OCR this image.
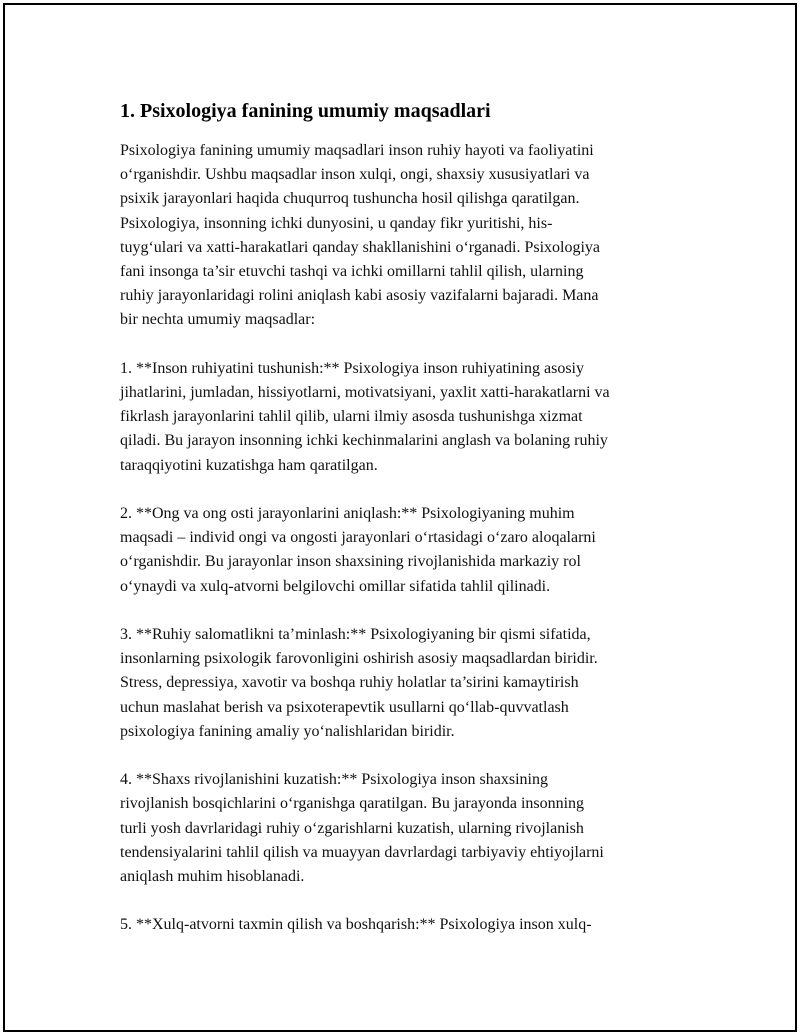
1. Psixologiya fanining umumiy maqsadlari
Psixologiya fanining umumiy maqsadlari inson ruhiy hayoti va faoliyatini
o‘rganishdir. Ushbu maqsadlar inson xulqi, ongi, shaxsiy xususiyatlari va
psixik jarayonlari haqida chuqurroq tushuncha hosil qilishga qaratilgan.
Psixologiya, insonning ichki dunyosini, u qanday fikr yuritishi, his-
tuyg‘ulari va xatti-harakatlari qanday shakllanishini o‘rganadi. Psixologiya
fani insonga ta’sir etuvchi tashqi va ichki omillarni tahlil qilish, ularning
ruhiy jarayonlaridagi rolini aniqlash kabi asosiy vazifalarni bajaradi. Mana
bir nechta umumiy maqsadlar:
1. **Inson ruhiyatini tushunish:** Psixologiya inson ruhiyatining asosiy
jihatlarini, jumladan, hissiyotlarni, motivatsiyani, yaxlit xatti-harakatlarni va
fikrlash jarayonlarini tahlil qilib, ularni ilmiy asosda tushunishga xizmat
qiladi. Bu jarayon insonning ichki kechinmalarini anglash va bolaning ruhiy
taraqqiyotini kuzatishga ham qaratilgan.
2. **Ong va ong osti jarayonlarini aniqlash:** Psixologiyaning muhim
maqsadi – individ ongi va ongosti jarayonlari o‘rtasidagi o‘zaro aloqalarni
o‘rganishdir. Bu jarayonlar inson shaxsining rivojlanishida markaziy rol
o‘ynaydi va xulq-atvorni belgilovchi omillar sifatida tahlil qilinadi.
3. **Ruhiy salomatlikni ta’minlash:** Psixologiyaning bir qismi sifatida,
insonlarning psixologik farovonligini oshirish asosiy maqsadlardan biridir.
Stress, depressiya, xavotir va boshqa ruhiy holatlar ta’sirini kamaytirish
uchun maslahat berish va psixoterapevtik usullarni qo‘llab-quvvatlash
psixologiya fanining amaliy yo‘nalishlaridan biridir.
4. **Shaxs rivojlanishini kuzatish:** Psixologiya inson shaxsining
rivojlanish bosqichlarini o‘rganishga qaratilgan. Bu jarayonda insonning
turli yosh davrlaridagi ruhiy o‘zgarishlarni kuzatish, ularning rivojlanish
tendensiyalarini tahlil qilish va muayyan davrlardagi tarbiyaviy ehtiyojlarni
aniqlash muhim hisoblanadi.
5. **Xulq-atvorni taxmin qilish va boshqarish:** Psixologiya inson xulq-
